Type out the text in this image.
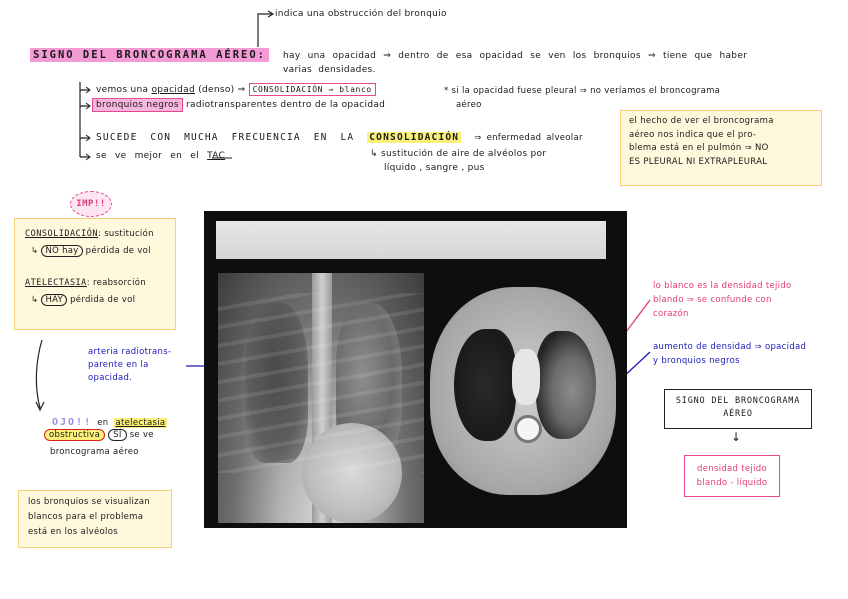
indica una obstrucción del bronquio
SIGNO DEL BRONCOGRAMA AÉREO:	hay una opacidad ⇒ dentro de esa opacidad se ven los bronquios ⇒ tiene que haber
varias densidades.
vemos una opacidad (denso) ⇒ CONSOLIDACIÓN ⇒ blanco
bronquios negros radiotransparentes dentro de la opacidad
SUCEDE CON MUCHA FRECUENCIA EN LA CONSOLIDACIÓN ⇒ enfermedad alveolar
se ve mejor en el TAC	↳ sustitución de aire de alvéolos por
líquido , sangre , pus
* si la opacidad fuese pleural ⇒ no veríamos el broncograma
aéreo
el hecho de ver el broncograma
aéreo nos indica que el pro-
blema está en el pulmón ⇒ NO
ES PLEURAL NI EXTRAPLEURAL
IMP!!
CONSOLIDACIÓN: sustitución
↳ NO hay pérdida de vol
ATELECTASIA: reabsorción
↳ HAY pérdida de vol
arteria radiotrans-
parente en la
opacidad.
OJO!! en atelectasia
obstructiva SÍ se ve
broncograma aéreo
los bronquios se visualizan
blancos para el problema
está en los alvéolos
lo blanco es la densidad tejido
blando ⇒ se confunde con
corazón
aumento de densidad ⇒ opacidad
y bronquios negros
SIGNO DEL BRONCOGRAMA
AÉREO
↓
densidad tejido
blando - líquido
